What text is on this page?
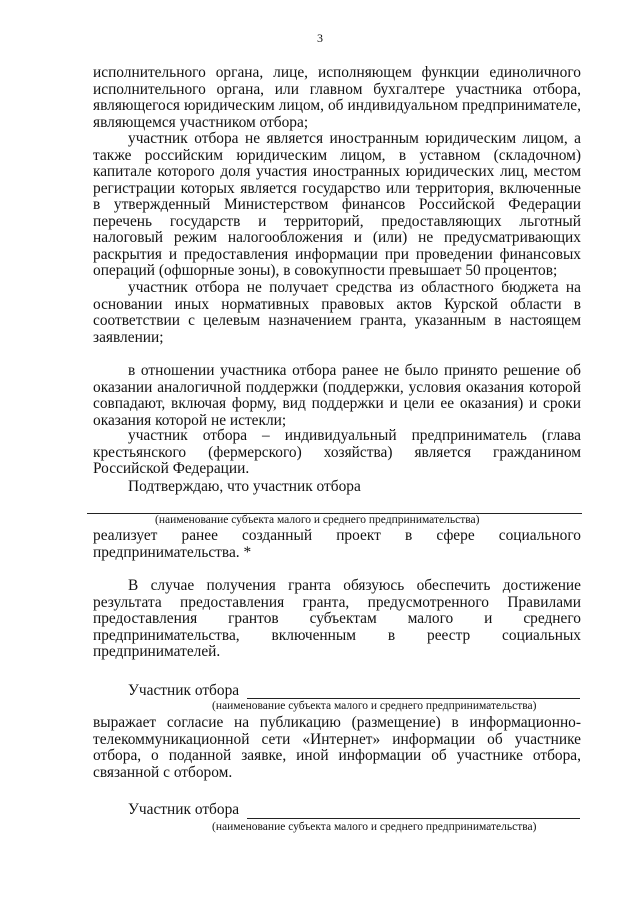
3

исполнительного органа, лице, исполняющем функции единоличного исполнительного органа, или главном бухгалтере участника отбора, являющегося юридическим лицом, об индивидуальном предпринимателе, являющемся участником отбора;

участник отбора не является иностранным юридическим лицом, а также российским юридическим лицом, в уставном (складочном) капитале которого доля участия иностранных юридических лиц, местом регистрации которых является государство или территория, включенные в утвержденный Министерством финансов Российской Федерации перечень государств и территорий, предоставляющих льготный налоговый режим налогообложения и (или) не предусматривающих раскрытия и предоставления информации при проведении финансовых операций (офшорные зоны), в совокупности превышает 50 процентов;

участник отбора не получает средства из областного бюджета на основании иных нормативных правовых актов Курской области в соответствии с целевым назначением гранта, указанным в настоящем заявлении;

в отношении участника отбора ранее не было принято решение об оказании аналогичной поддержки (поддержки, условия оказания которой совпадают, включая форму, вид поддержки и цели ее оказания) и сроки оказания которой не истекли;

участник отбора – индивидуальный предприниматель (глава крестьянского (фермерского) хозяйства) является гражданином Российской Федерации.

Подтверждаю, что участник отбора
(наименование субъекта малого и среднего предпринимательства)

реализует ранее созданный проект в сфере социального предпринимательства. *

В случае получения гранта обязуюсь обеспечить достижение результата предоставления гранта, предусмотренного Правилами предоставления грантов субъектам малого и среднего предпринимательства, включенным в реестр социальных предпринимателей.

Участник отбора
(наименование субъекта малого и среднего предпринимательства)

выражает согласие на публикацию (размещение) в информационно-телекоммуникационной сети «Интернет» информации об участнике отбора, о поданной заявке, иной информации об участнике отбора, связанной с отбором.

Участник отбора
(наименование субъекта малого и среднего предпринимательства)
